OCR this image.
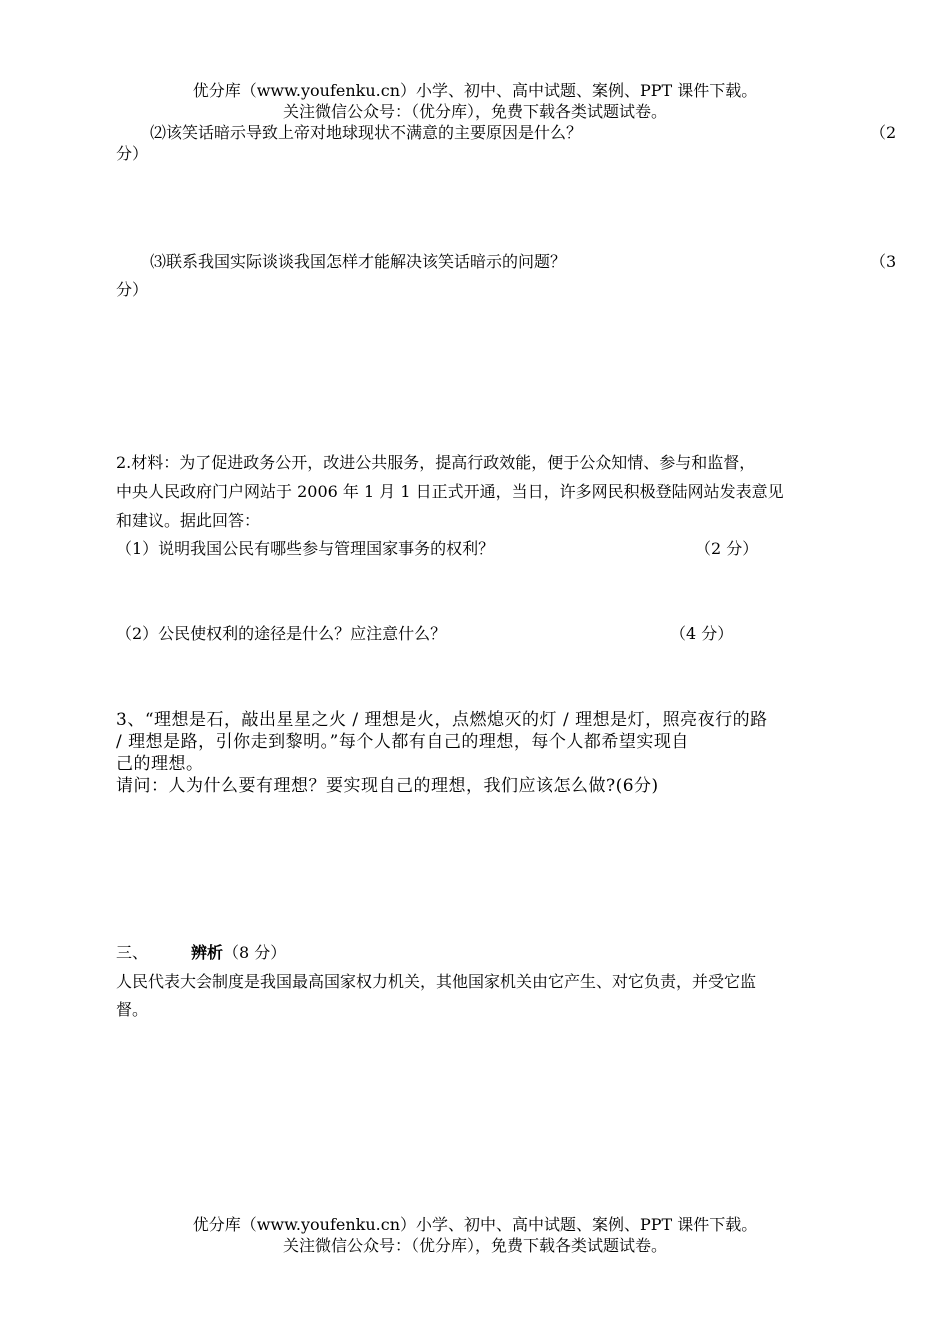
优分库（www.youfenku.cn）小学、初中、高中试题、案例、PPT 课件下载。
关注微信公众号：（优分库），免费下载各类试题试卷。
⑵该笑话暗示导致上帝对地球现状不满意的主要原因是什么？	（2
分）
⑶联系我国实际谈谈我国怎样才能解决该笑话暗示的问题？	（3
分）
2.材料：为了促进政务公开，改进公共服务，提高行政效能，便于公众知情、参与和监督，
中央人民政府门户网站于 2006 年 1 月 1 日正式开通，当日，许多网民积极登陆网站发表意见
和建议。据此回答：
（1）说明我国公民有哪些参与管理国家事务的权利？	（2 分）
（2）公民使权利的途径是什么？应注意什么？	（4 分）
3、“理想是石，敲出星星之火 / 理想是火，点燃熄灭的灯 / 理想是灯，照亮夜行的路
/ 理想是路，引你走到黎明。”每个人都有自己的理想，每个人都希望实现自
己的理想。
请问：人为什么要有理想？要实现自己的理想，我们应该怎么做?(6分)
三、	辨析（8 分）
人民代表大会制度是我国最高国家权力机关，其他国家机关由它产生、对它负责，并受它监
督。
优分库（www.youfenku.cn）小学、初中、高中试题、案例、PPT 课件下载。
关注微信公众号：（优分库），免费下载各类试题试卷。
